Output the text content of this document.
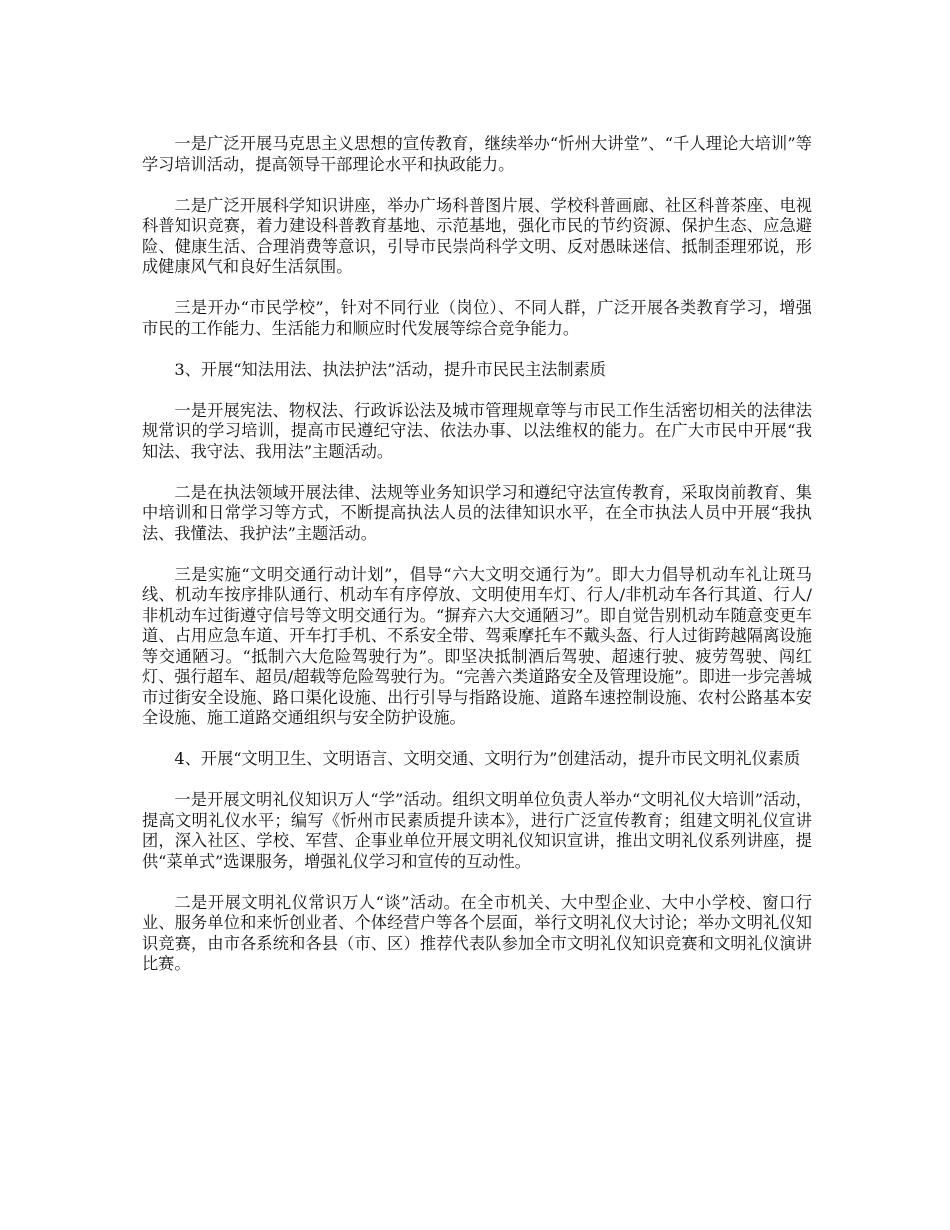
一是广泛开展马克思主义思想的宣传教育，继续举办“忻州大讲堂”、“千人理论大培训”等学习培训活动，提高领导干部理论水平和执政能力。

二是广泛开展科学知识讲座，举办广场科普图片展、学校科普画廊、社区科普茶座、电视科普知识竞赛，着力建设科普教育基地、示范基地，强化市民的节约资源、保护生态、应急避险、健康生活、合理消费等意识，引导市民崇尚科学文明、反对愚昧迷信、抵制歪理邪说，形成健康风气和良好生活氛围。

三是开办“市民学校”，针对不同行业（岗位）、不同人群，广泛开展各类教育学习，增强市民的工作能力、生活能力和顺应时代发展等综合竞争能力。

3、开展“知法用法、执法护法”活动，提升市民民主法制素质

一是开展宪法、物权法、行政诉讼法及城市管理规章等与市民工作生活密切相关的法律法规常识的学习培训，提高市民遵纪守法、依法办事、以法维权的能力。在广大市民中开展“我知法、我守法、我用法”主题活动。

二是在执法领域开展法律、法规等业务知识学习和遵纪守法宣传教育，采取岗前教育、集中培训和日常学习等方式，不断提高执法人员的法律知识水平，在全市执法人员中开展“我执法、我懂法、我护法”主题活动。

三是实施“文明交通行动计划”，倡导“六大文明交通行为”。即大力倡导机动车礼让斑马线、机动车按序排队通行、机动车有序停放、文明使用车灯、行人/非机动车各行其道、行人/非机动车过街遵守信号等文明交通行为。“摒弃六大交通陋习”。即自觉告别机动车随意变更车道、占用应急车道、开车打手机、不系安全带、驾乘摩托车不戴头盔、行人过街跨越隔离设施等交通陋习。“抵制六大危险驾驶行为”。即坚决抵制酒后驾驶、超速行驶、疲劳驾驶、闯红灯、强行超车、超员/超载等危险驾驶行为。“完善六类道路安全及管理设施”。即进一步完善城市过街安全设施、路口渠化设施、出行引导与指路设施、道路车速控制设施、农村公路基本安全设施、施工道路交通组织与安全防护设施。

4、开展“文明卫生、文明语言、文明交通、文明行为”创建活动，提升市民文明礼仪素质

一是开展文明礼仪知识万人“学”活动。组织文明单位负责人举办“文明礼仪大培训”活动，提高文明礼仪水平；编写《忻州市民素质提升读本》，进行广泛宣传教育；组建文明礼仪宣讲团，深入社区、学校、军营、企事业单位开展文明礼仪知识宣讲，推出文明礼仪系列讲座，提供“菜单式”选课服务，增强礼仪学习和宣传的互动性。

二是开展文明礼仪常识万人“谈”活动。在全市机关、大中型企业、大中小学校、窗口行业、服务单位和来忻创业者、个体经营户等各个层面，举行文明礼仪大讨论；举办文明礼仪知识竞赛，由市各系统和各县（市、区）推荐代表队参加全市文明礼仪知识竞赛和文明礼仪演讲比赛。
